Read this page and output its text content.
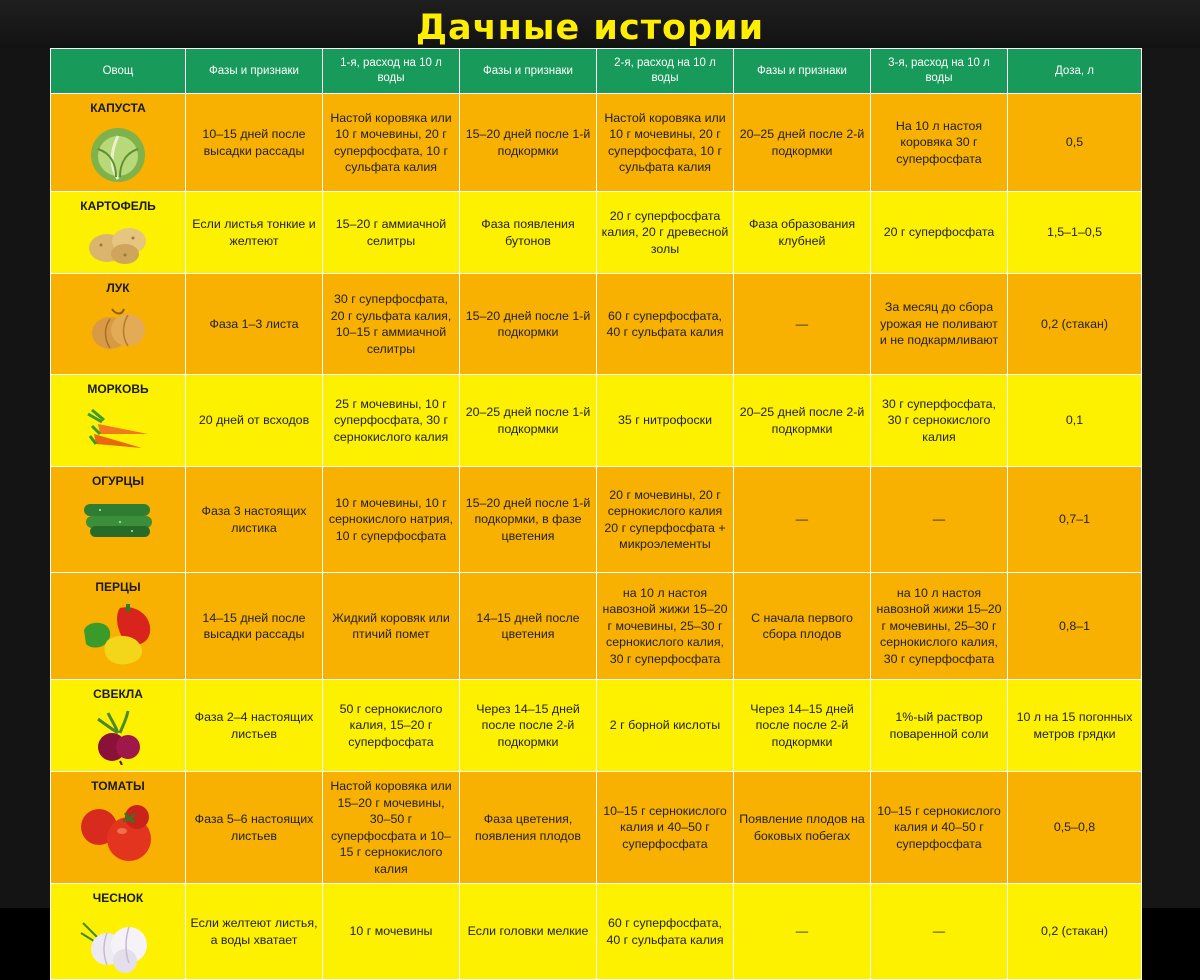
Дачные истории
Овощ	Фазы и признаки	1-я, расход на 10 л воды	Фазы и признаки	2-я, расход на 10 л воды	Фазы и признаки	3-я, расход на 10 л воды	Доза, л

КАПУСТА	10–15 дней после высадки рассады	Настой коровяка или 10 г мочевины, 20 г суперфосфата, 10 г сульфата калия	15–20 дней после 1-й подкормки	Настой коровяка или 10 г мочевины, 20 г суперфосфата, 10 г сульфата калия	20–25 дней после 2-й подкормки	На 10 л настоя коровяка 30 г суперфосфата	0,5

КАРТОФЕЛЬ	Если листья тонкие и желтеют	15–20 г аммиачной селитры	Фаза появления бутонов	20 г суперфосфата калия, 20 г древесной золы	Фаза образования клубней	20 г суперфосфата	1,5–1–0,5

ЛУК	Фаза 1–3 листа	30 г суперфосфата, 20 г сульфата калия, 10–15 г аммиачной селитры	15–20 дней после 1-й подкормки	60 г суперфосфата, 40 г сульфата калия	—	За месяц до сбора урожая не поливают и не подкармливают	0,2 (стакан)

МОРКОВЬ	20 дней от всходов	25 г мочевины, 10 г суперфосфата, 30 г сернокислого калия	20–25 дней после 1-й подкормки	35 г нитрофоски	20–25 дней после 2-й подкормки	30 г суперфосфата, 30 г сернокислого калия	0,1

ОГУРЦЫ	Фаза 3 настоящих листика	10 г мочевины, 10 г сернокислого натрия, 10 г суперфосфата	15–20 дней после 1-й подкормки, в фазе цветения	20 г мочевины, 20 г сернокислого калия 20 г суперфосфата + микроэлементы	—	—	0,7–1

ПЕРЦЫ	14–15 дней после высадки рассады	Жидкий коровяк или птичий помет	14–15 дней после цветения	на 10 л настоя навозной жижи 15–20 г мочевины, 25–30 г сернокислого калия, 30 г суперфосфата	С начала первого сбора плодов	на 10 л настоя навозной жижи 15–20 г мочевины, 25–30 г сернокислого калия, 30 г суперфосфата	0,8–1

СВЕКЛА	Фаза 2–4 настоящих листьев	50 г сернокислого калия, 15–20 г суперфосфата	Через 14–15 дней после после 2-й подкормки	2 г борной кислоты	Через 14–15 дней после после 2-й подкормки	1%-ый раствор поваренной соли	10 л на 15 погонных метров грядки

ТОМАТЫ	Фаза 5–6 настоящих листьев	Настой коровяка или 15–20 г мочевины, 30–50 г суперфосфата и 10–15 г сернокислого калия	Фаза цветения, появления плодов	10–15 г сернокислого калия и 40–50 г суперфосфата	Появление плодов на боковых побегах	10–15 г сернокислого калия и 40–50 г суперфосфата	0,5–0,8

ЧЕСНОК	Если желтеют листья, а воды хватает	10 г мочевины	Если головки мелкие	60 г суперфосфата, 40 г сульфата калия	—	—	0,2 (стакан)
